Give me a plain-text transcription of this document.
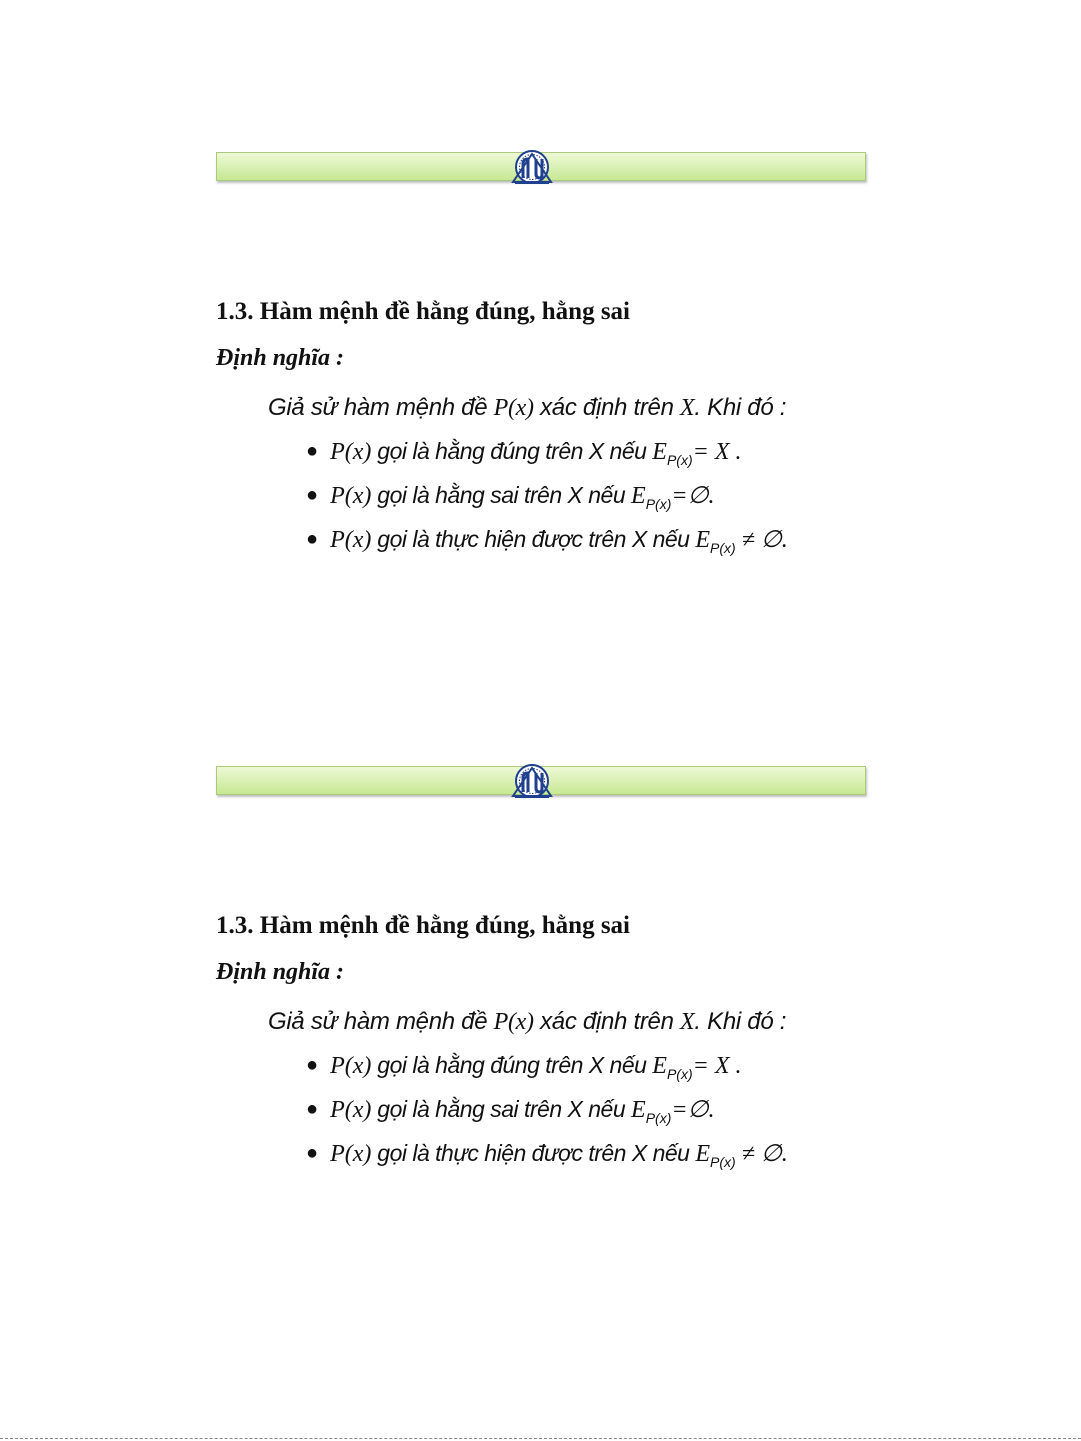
1.3. Hàm mệnh đề hằng đúng, hằng sai
Định nghĩa :
Giả sử hàm mệnh đề P(x) xác định trên X. Khi đó :
● P(x) gọi là hằng đúng trên X nếu $E_{P(x)}= X$ .
● P(x) gọi là hằng sai trên X nếu $E_{P(x)}=\emptyset$.
● P(x) gọi là thực hiện được trên X nếu $E_{P(x)}$ ≠ ∅.
1.3. Hàm mệnh đề hằng đúng, hằng sai
Định nghĩa :
Giả sử hàm mệnh đề P(x) xác định trên X. Khi đó :
● P(x) gọi là hằng đúng trên X nếu $E_{P(x)}= X$ .
● P(x) gọi là hằng sai trên X nếu $E_{P(x)}=\emptyset$.
● P(x) gọi là thực hiện được trên X nếu $E_{P(x)}$ ≠ ∅.
